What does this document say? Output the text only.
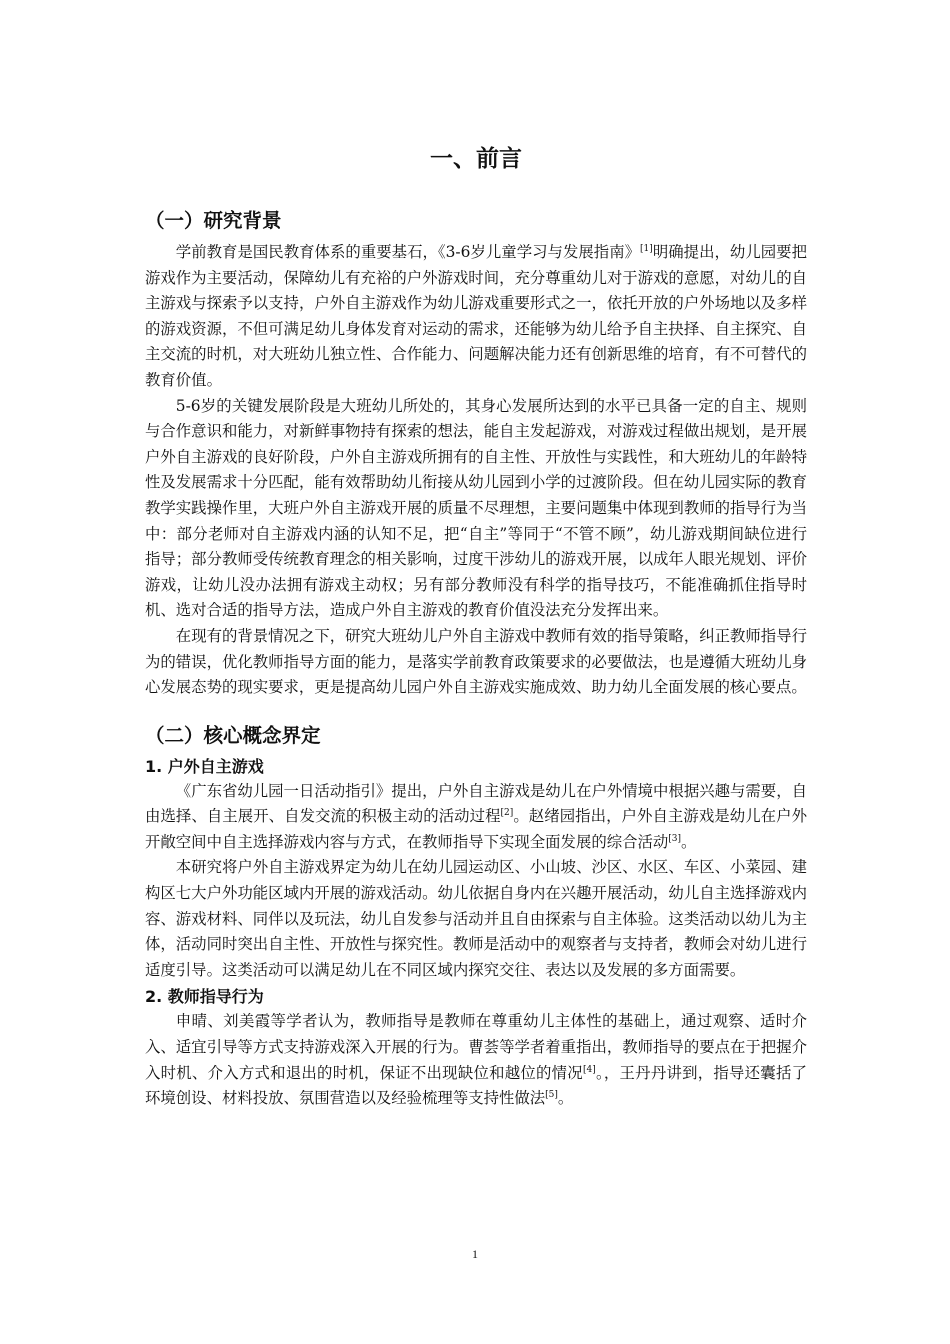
一、前言
（一）研究背景

学前教育是国民教育体系的重要基石，《3-6岁儿童学习与发展指南》[1]明确提出，幼儿园要把游戏作为主要活动，保障幼儿有充裕的户外游戏时间，充分尊重幼儿对于游戏的意愿，对幼儿的自主游戏与探索予以支持，户外自主游戏作为幼儿游戏重要形式之一，依托开放的户外场地以及多样的游戏资源，不但可满足幼儿身体发育对运动的需求，还能够为幼儿给予自主抉择、自主探究、自主交流的时机，对大班幼儿独立性、合作能力、问题解决能力还有创新思维的培育，有不可替代的教育价值。

5-6岁的关键发展阶段是大班幼儿所处的，其身心发展所达到的水平已具备一定的自主、规则与合作意识和能力，对新鲜事物持有探索的想法，能自主发起游戏，对游戏过程做出规划，是开展户外自主游戏的良好阶段，户外自主游戏所拥有的自主性、开放性与实践性，和大班幼儿的年龄特性及发展需求十分匹配，能有效帮助幼儿衔接从幼儿园到小学的过渡阶段。但在幼儿园实际的教育教学实践操作里，大班户外自主游戏开展的质量不尽理想，主要问题集中体现到教师的指导行为当中：部分老师对自主游戏内涵的认知不足，把“自主”等同于“不管不顾”，幼儿游戏期间缺位进行指导；部分教师受传统教育理念的相关影响，过度干涉幼儿的游戏开展，以成年人眼光规划、评价游戏，让幼儿没办法拥有游戏主动权；另有部分教师没有科学的指导技巧，不能准确抓住指导时机、选对合适的指导方法，造成户外自主游戏的教育价值没法充分发挥出来。

在现有的背景情况之下，研究大班幼儿户外自主游戏中教师有效的指导策略，纠正教师指导行为的错误，优化教师指导方面的能力，是落实学前教育政策要求的必要做法，也是遵循大班幼儿身心发展态势的现实要求，更是提高幼儿园户外自主游戏实施成效、助力幼儿全面发展的核心要点。

（二）核心概念界定
1. 户外自主游戏

《广东省幼儿园一日活动指引》提出，户外自主游戏是幼儿在户外情境中根据兴趣与需要，自由选择、自主展开、自发交流的积极主动的活动过程[2]。赵绪园指出，户外自主游戏是幼儿在户外开敞空间中自主选择游戏内容与方式，在教师指导下实现全面发展的综合活动[3]。

本研究将户外自主游戏界定为幼儿在幼儿园运动区、小山坡、沙区、水区、车区、小菜园、建构区七大户外功能区域内开展的游戏活动。幼儿依据自身内在兴趣开展活动，幼儿自主选择游戏内容、游戏材料、同伴以及玩法，幼儿自发参与活动并且自由探索与自主体验。这类活动以幼儿为主体，活动同时突出自主性、开放性与探究性。教师是活动中的观察者与支持者，教师会对幼儿进行适度引导。这类活动可以满足幼儿在不同区域内探究交往、表达以及发展的多方面需要。

2. 教师指导行为

申晴、刘美霞等学者认为，教师指导是教师在尊重幼儿主体性的基础上，通过观察、适时介入、适宜引导等方式支持游戏深入开展的行为。曹荟等学者着重指出，教师指导的要点在于把握介入时机、介入方式和退出的时机，保证不出现缺位和越位的情况[4]。，王丹丹讲到，指导还囊括了环境创设、材料投放、氛围营造以及经验梳理等支持性做法[5]。

1
